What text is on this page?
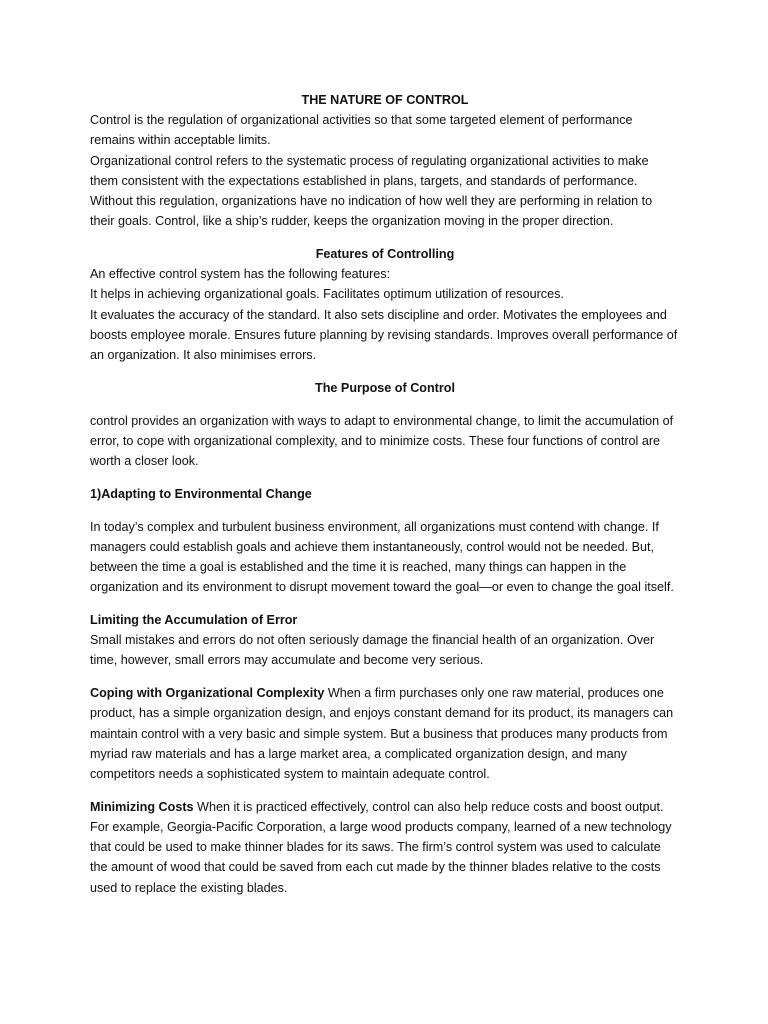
THE NATURE OF CONTROL

Control is the regulation of organizational activities so that some targeted element of performance remains within acceptable limits.

Organizational control refers to the systematic process of regulating organizational activities to make them consistent with the expectations established in plans, targets, and standards of performance. Without this regulation, organizations have no indication of how well they are performing in relation to their goals. Control, like a ship’s rudder, keeps the organization moving in the proper direction.

Features of Controlling

An effective control system has the following features:

It helps in achieving organizational goals. Facilitates optimum utilization of resources.

It evaluates the accuracy of the standard. It also sets discipline and order. Motivates the employees and boosts employee morale. Ensures future planning by revising standards. Improves overall performance of an organization. It also minimises errors.

The Purpose of Control

control provides an organization with ways to adapt to environmental change, to limit the accumulation of error, to cope with organizational complexity, and to minimize costs. These four functions of control are worth a closer look.

1)Adapting to Environmental Change

In today’s complex and turbulent business environment, all organizations must contend with change. If managers could establish goals and achieve them instantaneously, control would not be needed. But, between the time a goal is established and the time it is reached, many things can happen in the organization and its environment to disrupt movement toward the goal—or even to change the goal itself.

Limiting the Accumulation of Error

Small mistakes and errors do not often seriously damage the financial health of an organization. Over time, however, small errors may accumulate and become very serious.

Coping with Organizational Complexity When a firm purchases only one raw material, produces one product, has a simple organization design, and enjoys constant demand for its product, its managers can maintain control with a very basic and simple system. But a business that produces many products from myriad raw materials and has a large market area, a complicated organization design, and many competitors needs a sophisticated system to maintain adequate control.

Minimizing Costs When it is practiced effectively, control can also help reduce costs and boost output. For example, Georgia-Pacific Corporation, a large wood products company, learned of a new technology that could be used to make thinner blades for its saws. The firm’s control system was used to calculate the amount of wood that could be saved from each cut made by the thinner blades relative to the costs used to replace the existing blades.
